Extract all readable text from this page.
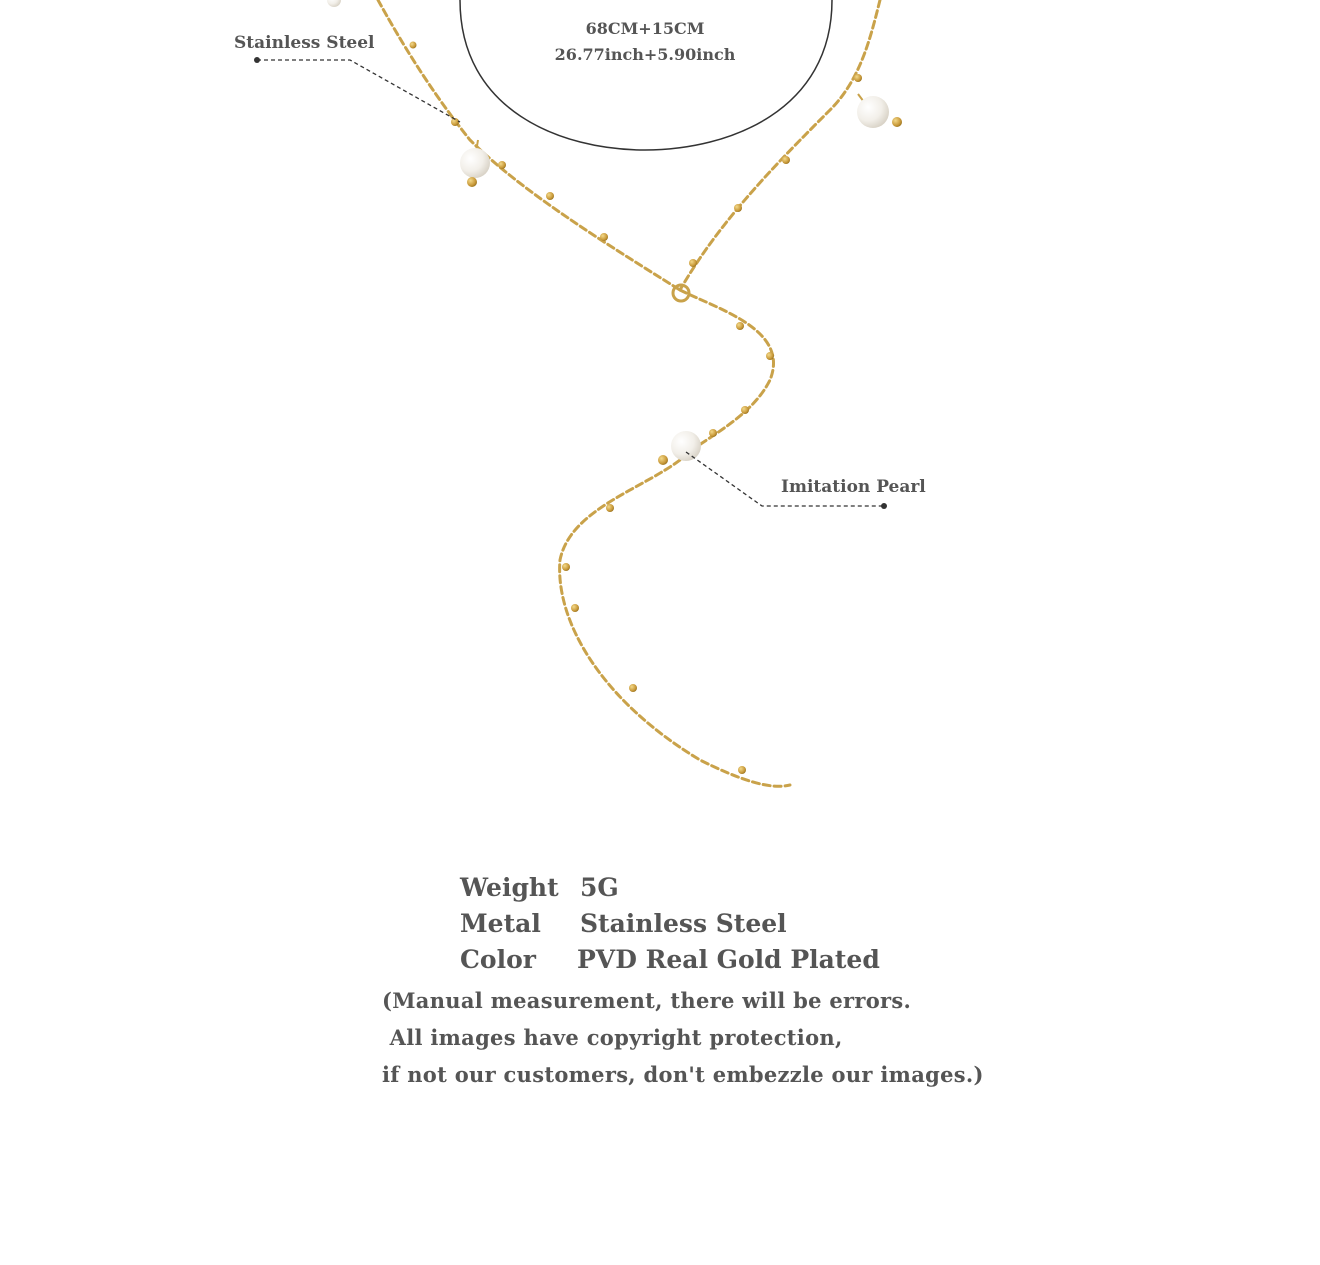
68CM+15CM
26.77inch+5.90inch
Stainless Steel
Imitation Pearl
Weight 5G
Metal Stainless Steel
Color PVD Real Gold Plated
(Manual measurement, there will be errors.
All images have copyright protection,
if not our customers, don't embezzle our images.)
